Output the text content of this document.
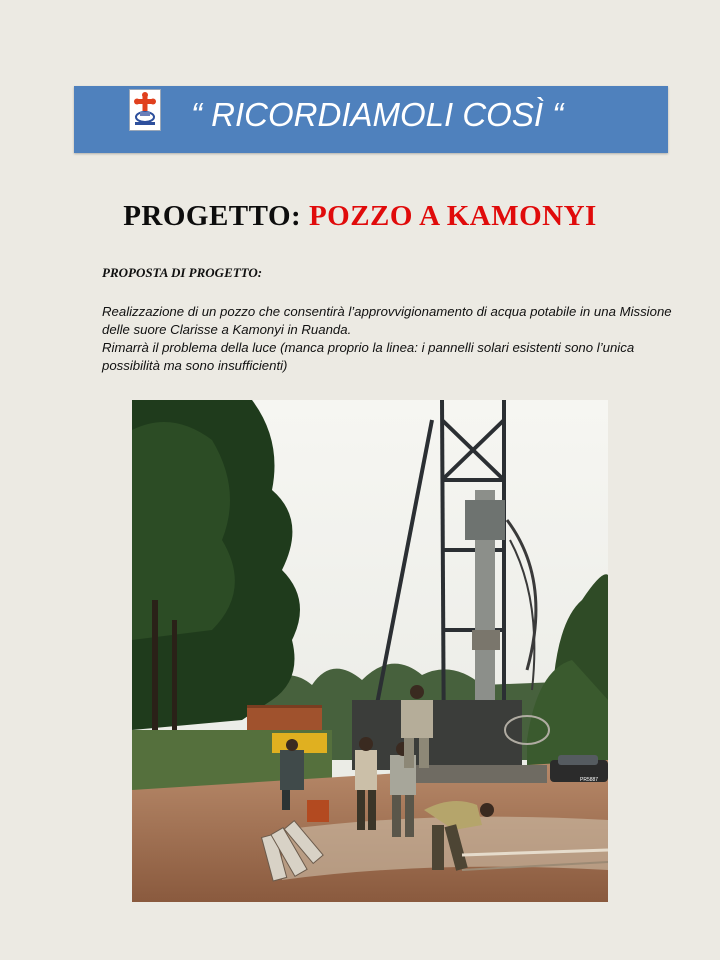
“ RICORDIAMOLI COSÌ “
PROGETTO: POZZO A KAMONYI
PROPOSTA DI PROGETTO:

Realizzazione di un pozzo che consentirà l’approvvigionamento di acqua potabile in una Missione delle suore Clarisse a Kamonyi in Ruanda.

Rimarrà il problema della luce (manca proprio la linea: i pannelli solari esistenti sono l’unica possibilità ma sono insufficienti)

PR5887
